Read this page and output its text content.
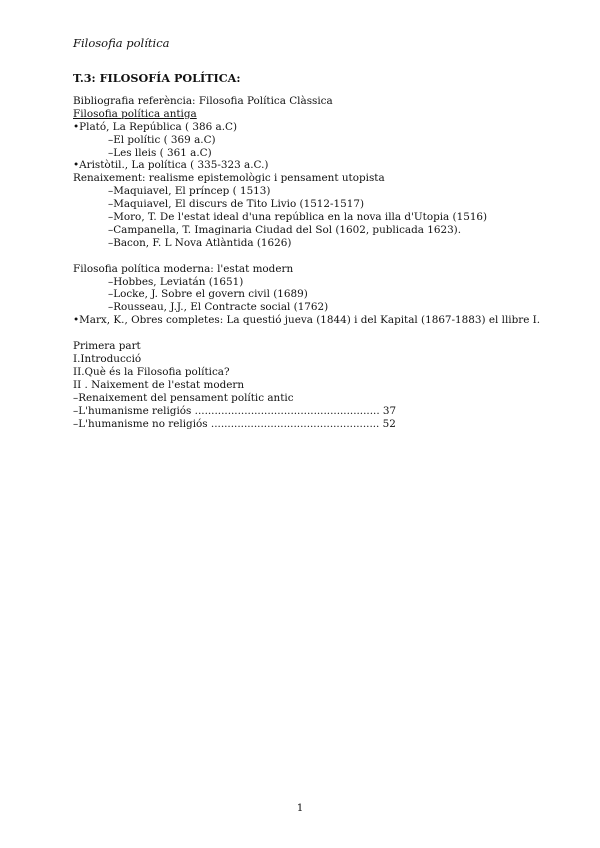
Filosofia política
T.3: FILOSOFÍA POLÍTICA:
Bibliografia referència: Filosofia Política Clàssica
Filosofia política antiga
•Plató, La República ( 386 a.C)
–El polític ( 369 a.C)
–Les lleis ( 361 a.C)
•Aristòtil., La política ( 335-323 a.C.)
Renaixement: realisme epistemològic i pensament utopista
–Maquiavel, El príncep ( 1513)
–Maquiavel, El discurs de Tito Livio (1512-1517)
–Moro, T. De l'estat ideal d'una república en la nova illa d'Utopia (1516)
–Campanella, T. Imaginaria Ciudad del Sol (1602, publicada 1623).
–Bacon, F. L Nova Atlàntida (1626)
Filosofia política moderna: l'estat modern
–Hobbes, Leviatán (1651)
–Locke, J. Sobre el govern civil (1689)
–Rousseau, J.J., El Contracte social (1762)
•Marx, K., Obres completes: La questió jueva (1844) i del Kapital (1867-1883) el llibre I.
Primera part
I.Introducció
II.Què és la Filosofia política?
II . Naixement de l'estat modern
–Renaixement del pensament polític antic
–L'humanisme religiós ........................................................ 37
–L'humanisme no religiós ................................................... 52
1
